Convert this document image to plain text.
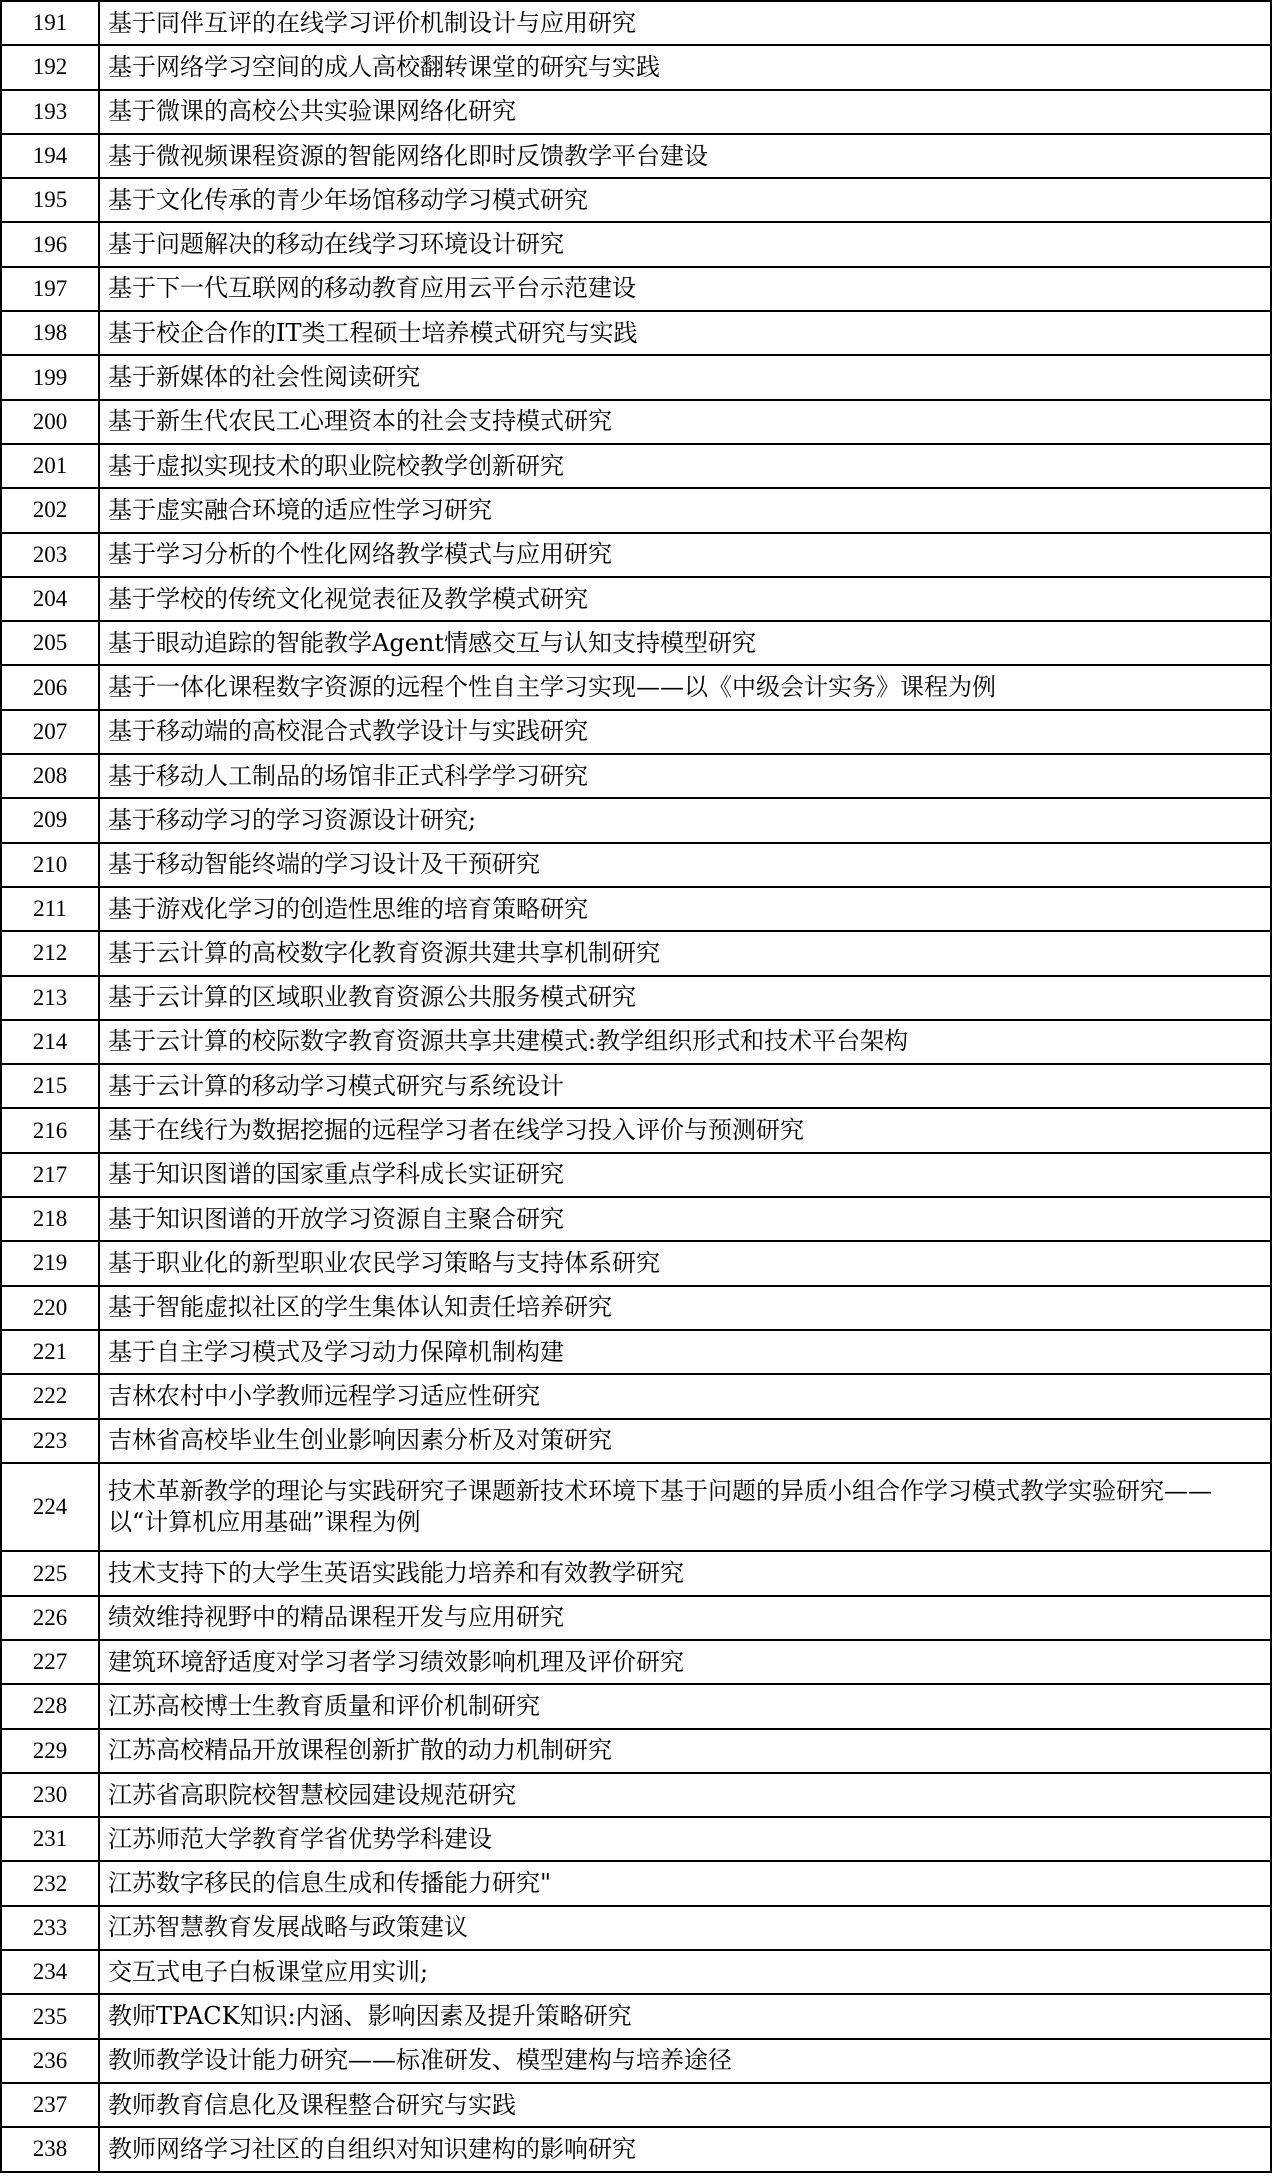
191	基于同伴互评的在线学习评价机制设计与应用研究
192	基于网络学习空间的成人高校翻转课堂的研究与实践
193	基于微课的高校公共实验课网络化研究
194	基于微视频课程资源的智能网络化即时反馈教学平台建设
195	基于文化传承的青少年场馆移动学习模式研究
196	基于问题解决的移动在线学习环境设计研究
197	基于下一代互联网的移动教育应用云平台示范建设
198	基于校企合作的IT类工程硕士培养模式研究与实践
199	基于新媒体的社会性阅读研究
200	基于新生代农民工心理资本的社会支持模式研究
201	基于虚拟实现技术的职业院校教学创新研究
202	基于虚实融合环境的适应性学习研究
203	基于学习分析的个性化网络教学模式与应用研究
204	基于学校的传统文化视觉表征及教学模式研究
205	基于眼动追踪的智能教学Agent情感交互与认知支持模型研究
206	基于一体化课程数字资源的远程个性自主学习实现——以《中级会计实务》课程为例
207	基于移动端的高校混合式教学设计与实践研究
208	基于移动人工制品的场馆非正式科学学习研究
209	基于移动学习的学习资源设计研究;
210	基于移动智能终端的学习设计及干预研究
211	基于游戏化学习的创造性思维的培育策略研究
212	基于云计算的高校数字化教育资源共建共享机制研究
213	基于云计算的区域职业教育资源公共服务模式研究
214	基于云计算的校际数字教育资源共享共建模式:教学组织形式和技术平台架构
215	基于云计算的移动学习模式研究与系统设计
216	基于在线行为数据挖掘的远程学习者在线学习投入评价与预测研究
217	基于知识图谱的国家重点学科成长实证研究
218	基于知识图谱的开放学习资源自主聚合研究
219	基于职业化的新型职业农民学习策略与支持体系研究
220	基于智能虚拟社区的学生集体认知责任培养研究
221	基于自主学习模式及学习动力保障机制构建
222	吉林农村中小学教师远程学习适应性研究
223	吉林省高校毕业生创业影响因素分析及对策研究
224	技术革新教学的理论与实践研究子课题新技术环境下基于问题的异质小组合作学习模式教学实验研究——以“计算机应用基础”课程为例
225	技术支持下的大学生英语实践能力培养和有效教学研究
226	绩效维持视野中的精品课程开发与应用研究
227	建筑环境舒适度对学习者学习绩效影响机理及评价研究
228	江苏高校博士生教育质量和评价机制研究
229	江苏高校精品开放课程创新扩散的动力机制研究
230	江苏省高职院校智慧校园建设规范研究
231	江苏师范大学教育学省优势学科建设
232	江苏数字移民的信息生成和传播能力研究"
233	江苏智慧教育发展战略与政策建议
234	交互式电子白板课堂应用实训;
235	教师TPACK知识:内涵、影响因素及提升策略研究
236	教师教学设计能力研究——标准研发、模型建构与培养途径
237	教师教育信息化及课程整合研究与实践
238	教师网络学习社区的自组织对知识建构的影响研究
